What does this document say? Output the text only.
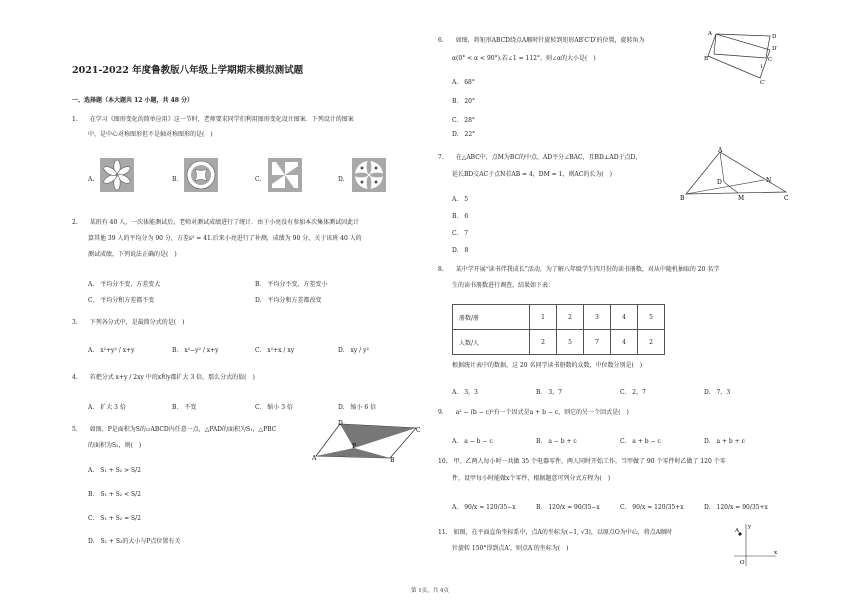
2021-2022 年度鲁教版八年级上学期期末模拟测试题
一、选择题（本大题共 12 小题，共 48 分）
1.　　在学习《图形变化的简单应用》这一节时，老师要求同学们利用图形变化设计图案．下列设计的图案
中，是中心对称图形但不是轴对称图形的是(　)
A.	B.	C.	D.
2.　　某班有 40 人，一次体能测试后，老师对测试成绩进行了统计．由于小亮没有参加本次集体测试因此计
算其他 39 人的平均分为 90 分，方差s² = 41.后来小亮进行了补测，成绩为 90 分，关于该班 40 人的
测试成绩，下列说法正确的是(　)
A.　平均分不变，方差变大	B.　平均分不变，方差变小
C.　平均分和方差都不变	D.　平均分和方差都改变
3.　　下列各分式中，是最简分式的是(　)
A.　x²+y² / x+y	B.　x²−y² / x+y	C.　x²+x / xy	D.　xy / y²
4.　　若把分式 x+y / 2xy 中的x和y都扩大 3 倍，那么分式的值(　)
A.　扩大 3 倍	B.　不变	C.　缩小 3 倍	D.　缩小 6 倍
5.　　如图，P是面积为S的▱ABCD内任意一点，△PAD的面积为S₁，△PBC
的面积为S₂，则(　)
D
C
B
A
P
A.　S₁ + S₂ > S/2
B.　S₁ + S₂ < S/2
C.　S₁ + S₂ = S/2
D.　S₁ + S₂的大小与P点位置有关
6.　　如图，将矩形ABCD绕点A顺时针旋转到矩形AB′C′D′的位置，旋转角为
α(0° < α < 90°).若∠1 = 112°，则∠α的大小是(　)
A	D
C
B′
C′
D′
1
A.　68°
B.　20°
C.　28°
D.　22°
7.　　在△ABC中，点M为BC的中点，AD平分∠BAC，且BD⊥AD于点D，
延长BD交AC于点N若AB = 4，DM = 1，则AC的长为(　)
A
B	C
D
M
N
A.　5
B.　6
C.　7
D.　8
8.　　某中学开展“读书伴我成长”活动，为了解八年级学生四月份的读书册数，对从中随机抽取的 20 名学
生的读书册数进行调查，结果如下表：
册数/册	1	2	3	4	5
人数/人	2	5	7	4	2
根据统计表中的数据，这 20 名同学读书册数的众数，中位数分别是(　)
A.　3，3	B.　3，7	C.　2，7	D.　7，3
9.　　a² − (b − c)²有一个因式是a + b − c，则它的另一个因式是(　)
A.　a − b − c	B.　a − b + c	C.　a + b − c	D.　a + b + c
10.　甲、乙两人每小时一共做 35 个电器零件，两人同时开始工作，当甲做了 90 个零件时乙做了 120 个零
件，设甲每小时能做x个零件，根据题意可列分式方程为(　)
A.　90/x = 120/35−x	B.　120/x = 90/35−x	C.　90/x = 120/35+x	D.　120/x = 90/35+x
11.　如图，在平面直角坐标系中，点A的坐标为(−1, √3)，以原点O为中心，将点A顺时
针旋转 150°得到点A′，则点A′的坐标为(　)
A
y
x
O
第 1页，共 4页
